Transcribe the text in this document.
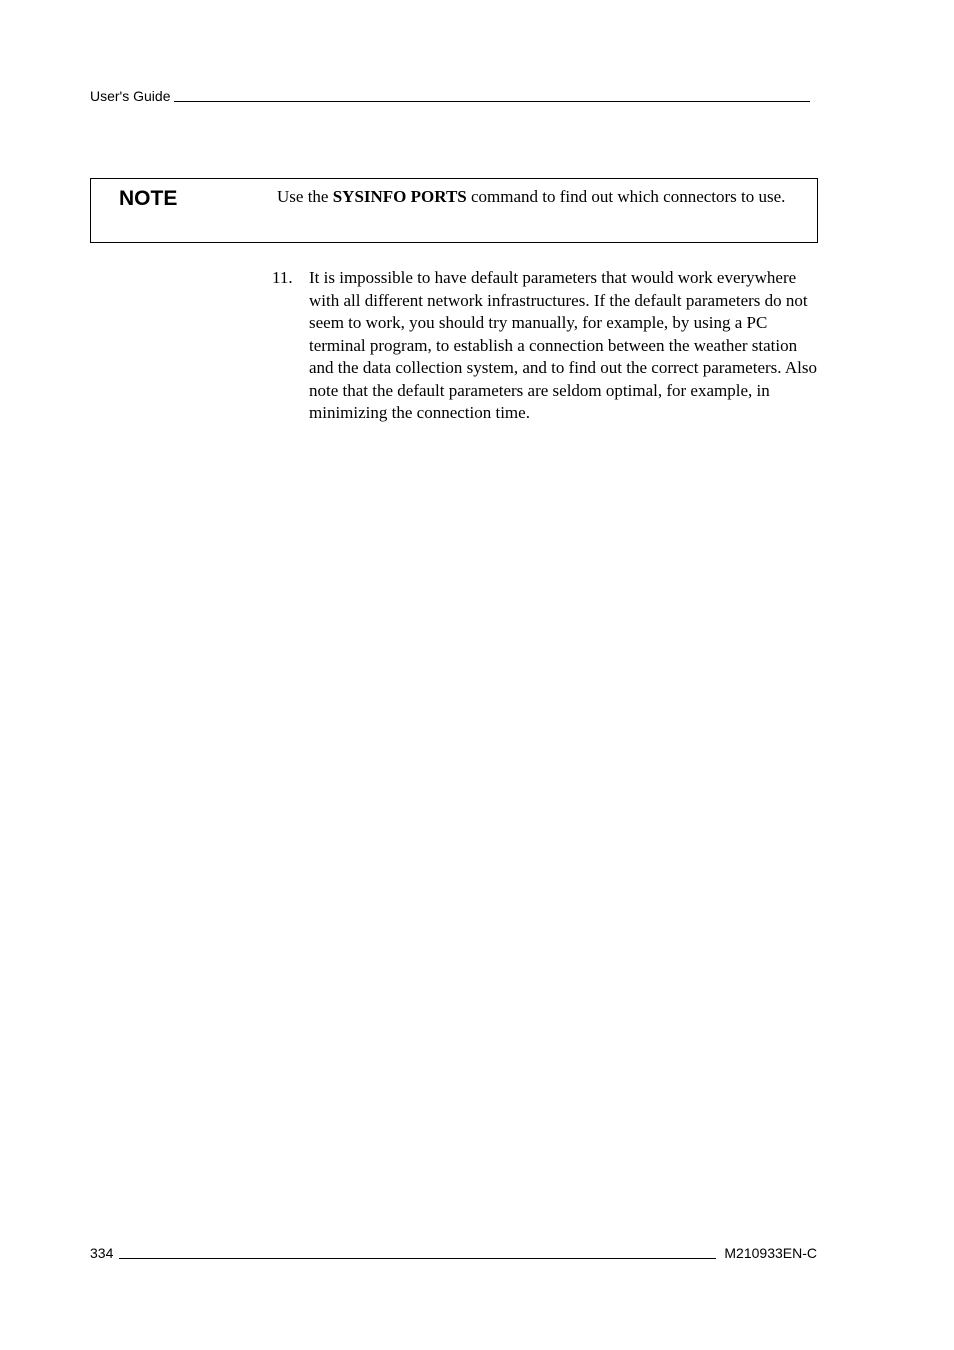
User's Guide
NOTE	Use the SYSINFO PORTS command to find out which connectors to use.
11. It is impossible to have default parameters that would work everywhere with all different network infrastructures. If the default parameters do not seem to work, you should try manually, for example, by using a PC terminal program, to establish a connection between the weather station and the data collection system, and to find out the correct parameters. Also note that the default parameters are seldom optimal, for example, in minimizing the connection time.
334	M210933EN-C
